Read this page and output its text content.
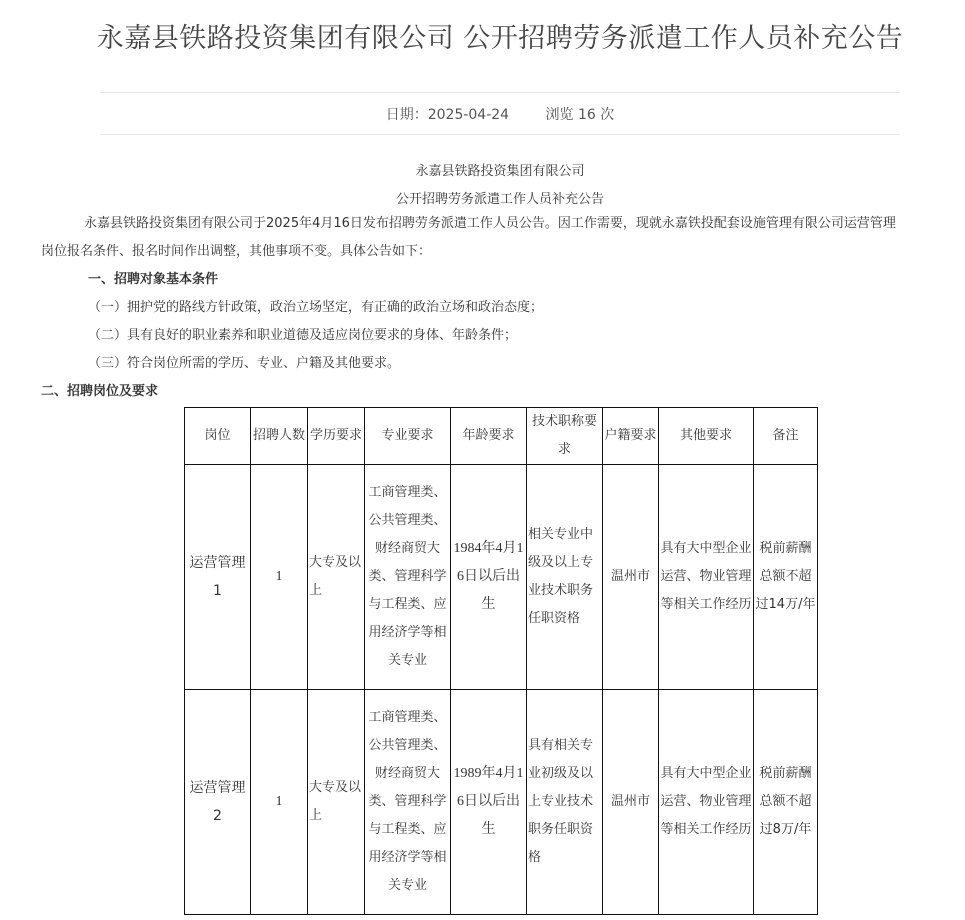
永嘉县铁路投资集团有限公司 公开招聘劳务派遣工作人员补充公告
日期：2025-04-24	浏览 16 次
永嘉县铁路投资集团有限公司
公开招聘劳务派遣工作人员补充公告
永嘉县铁路投资集团有限公司于2025年4月16日发布招聘劳务派遣工作人员公告。因工作需要，现就永嘉铁投配套设施管理有限公司运营管理
岗位报名条件、报名时间作出调整，其他事项不变。具体公告如下：
一、招聘对象基本条件
（一）拥护党的路线方针政策，政治立场坚定，有正确的政治立场和政治态度；
（二）具有良好的职业素养和职业道德及适应岗位要求的身体、年龄条件；
（三）符合岗位所需的学历、专业、户籍及其他要求。
二、招聘岗位及要求
岗位	招聘人数	学历要求	专业要求	年龄要求	技术职称要求	户籍要求	其他要求	备注
运营管理1	1	大专及以上	工商管理类、公共管理类、财经商贸大类、管理科学与工程类、应用经济学等相关专业	1984年4月16日以后出生	相关专业中级及以上专业技术职务任职资格	温州市	具有大中型企业运营、物业管理等相关工作经历	税前薪酬总额不超过14万/年
运营管理2	1	大专及以上	工商管理类、公共管理类、财经商贸大类、管理科学与工程类、应用经济学等相关专业	1989年4月16日以后出生	具有相关专业初级及以上专业技术职务任职资格	温州市	具有大中型企业运营、物业管理等相关工作经历	税前薪酬总额不超过8万/年
